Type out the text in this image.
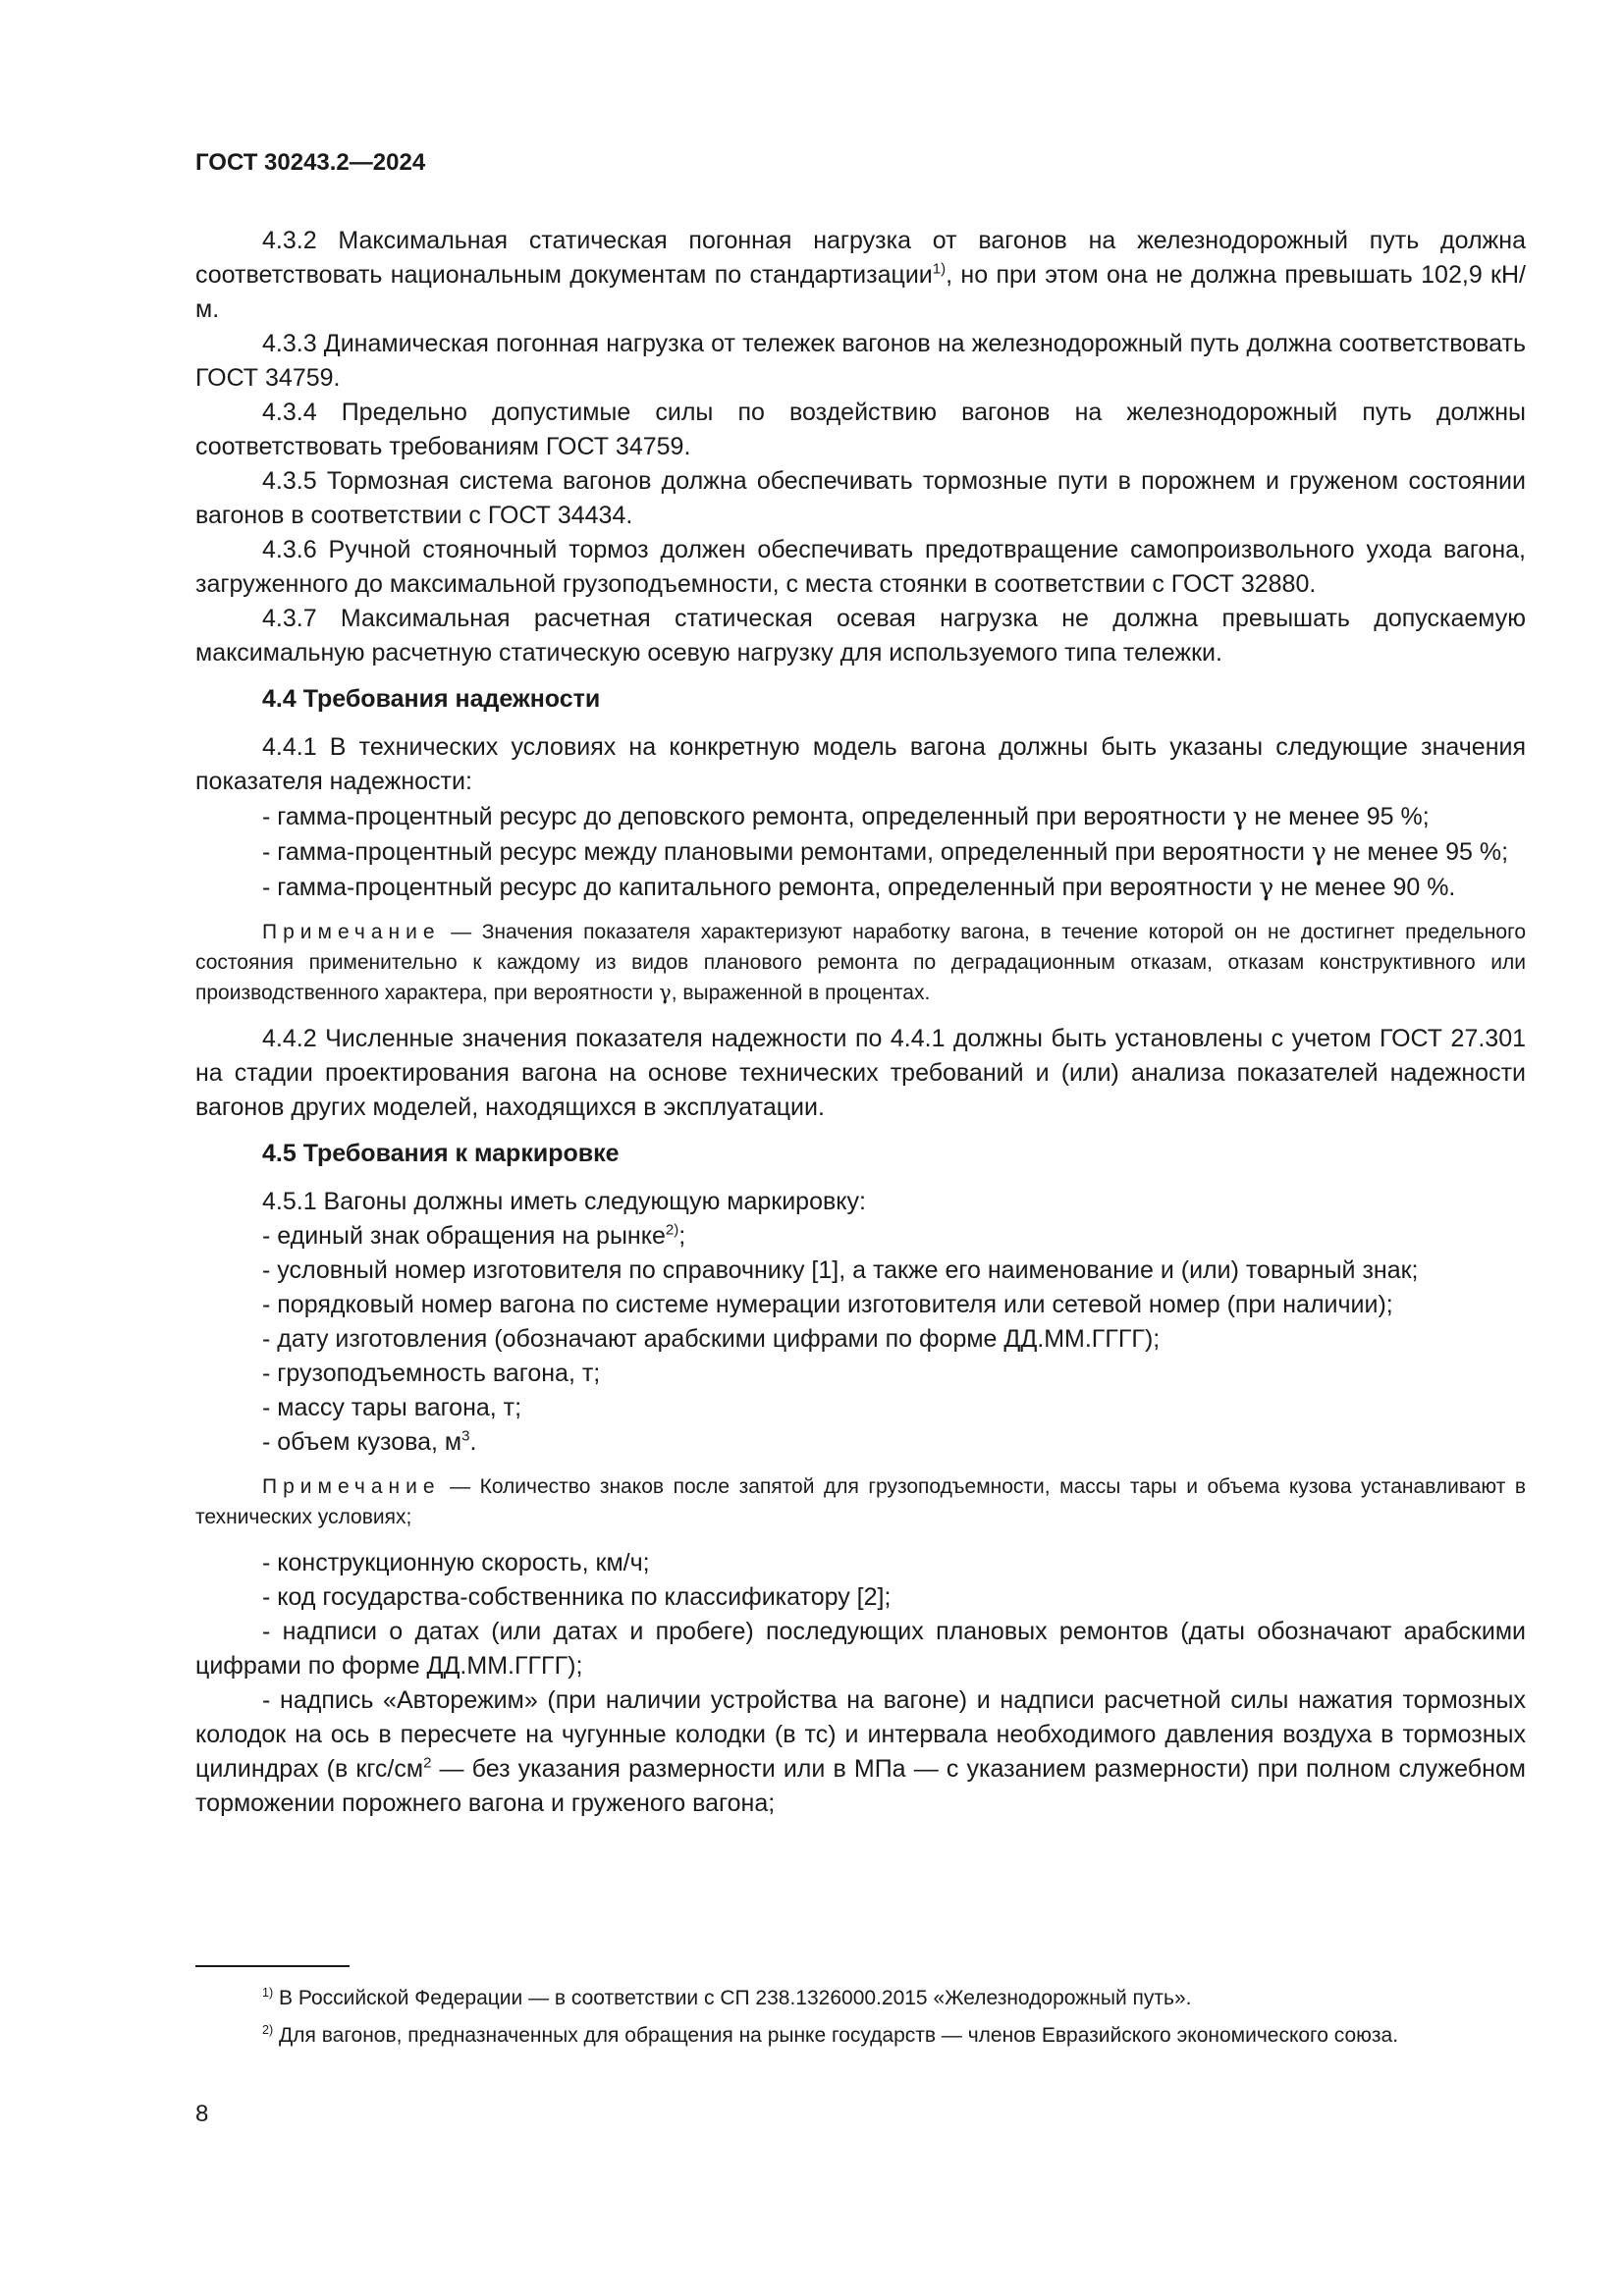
ГОСТ 30243.2—2024

4.3.2 Максимальная статическая погонная нагрузка от вагонов на железнодорожный путь должна соответствовать национальным документам по стандартизации$^{1)}$, но при этом она не должна превышать 102,9 кН/м.

4.3.3 Динамическая погонная нагрузка от тележек вагонов на железнодорожный путь должна соответствовать ГОСТ 34759.

4.3.4 Предельно допустимые силы по воздействию вагонов на железнодорожный путь должны соответствовать требованиям ГОСТ 34759.

4.3.5 Тормозная система вагонов должна обеспечивать тормозные пути в порожнем и груженом состоянии вагонов в соответствии с ГОСТ 34434.

4.3.6 Ручной стояночный тормоз должен обеспечивать предотвращение самопроизвольного ухода вагона, загруженного до максимальной грузоподъемности, с места стоянки в соответствии с ГОСТ 32880.

4.3.7 Максимальная расчетная статическая осевая нагрузка не должна превышать допускаемую максимальную расчетную статическую осевую нагрузку для используемого типа тележки.

4.4 Требования надежности

4.4.1 В технических условиях на конкретную модель вагона должны быть указаны следующие значения показателя надежности:

- гамма-процентный ресурс до деповского ремонта, определенный при вероятности γ не менее 95 %;

- гамма-процентный ресурс между плановыми ремонтами, определенный при вероятности γ не менее 95 %;

- гамма-процентный ресурс до капитального ремонта, определенный при вероятности γ не менее 90 %.

Примечание — Значения показателя характеризуют наработку вагона, в течение которой он не достигнет предельного состояния применительно к каждому из видов планового ремонта по деградационным отказам, отказам конструктивного или производственного характера, при вероятности γ, выраженной в процентах.

4.4.2 Численные значения показателя надежности по 4.4.1 должны быть установлены с учетом ГОСТ 27.301 на стадии проектирования вагона на основе технических требований и (или) анализа показателей надежности вагонов других моделей, находящихся в эксплуатации.

4.5 Требования к маркировке

4.5.1 Вагоны должны иметь следующую маркировку:

- единый знак обращения на рынке$^{2)}$;

- условный номер изготовителя по справочнику [1], а также его наименование и (или) товарный знак;

- порядковый номер вагона по системе нумерации изготовителя или сетевой номер (при наличии);

- дату изготовления (обозначают арабскими цифрами по форме ДД.ММ.ГГГГ);

- грузоподъемность вагона, т;

- массу тары вагона, т;

- объем кузова, $м^3$.

Примечание — Количество знаков после запятой для грузоподъемности, массы тары и объема кузова устанавливают в технических условиях;

- конструкционную скорость, км/ч;

- код государства-собственника по классификатору [2];

- надписи о датах (или датах и пробеге) последующих плановых ремонтов (даты обозначают арабскими цифрами по форме ДД.ММ.ГГГГ);

- надпись «Авторежим» (при наличии устройства на вагоне) и надписи расчетной силы нажатия тормозных колодок на ось в пересчете на чугунные колодки (в тс) и интервала необходимого давления воздуха в тормозных цилиндрах (в кгс/$см^2$ — без указания размерности или в МПа — с указанием размерности) при полном служебном торможении порожнего вагона и груженого вагона;

$^{1)}$ В Российской Федерации — в соответствии с СП 238.1326000.2015 «Железнодорожный путь».

$^{2)}$ Для вагонов, предназначенных для обращения на рынке государств — членов Евразийского экономического союза.

8
